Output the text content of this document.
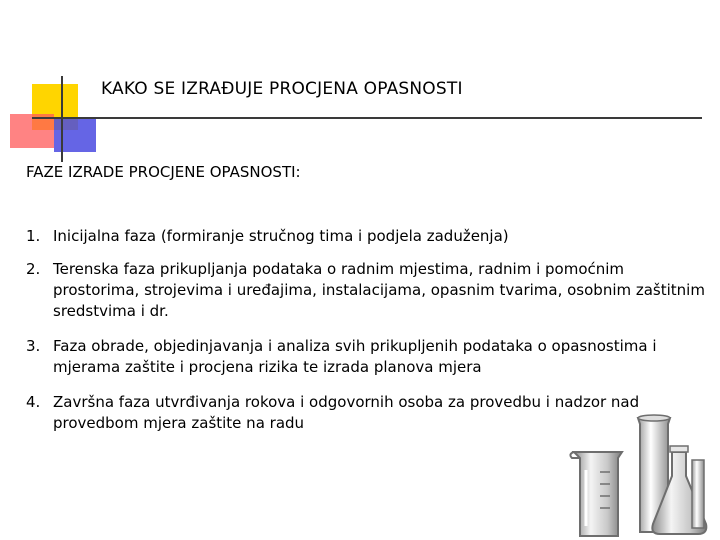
KAKO SE IZRAĐUJE PROCJENA OPASNOSTI
FAZE IZRADE PROCJENE OPASNOSTI:
1. Inicijalna faza (formiranje stručnog tima i podjela zaduženja)
2. Terenska faza prikupljanja podataka o radnim mjestima, radnim i pomoćnim prostorima, strojevima i uređajima, instalacijama, opasnim tvarima, osobnim zaštitnim sredstvima i dr.
3. Faza obrade, objedinjavanja i analiza svih prikupljenih podataka o opasnostima i mjerama zaštite i procjena rizika te izrada planova mjera
4. Završna faza utvrđivanja rokova i odgovornih osoba za provedbu i nadzor nad provedbom mjera zaštite na radu
